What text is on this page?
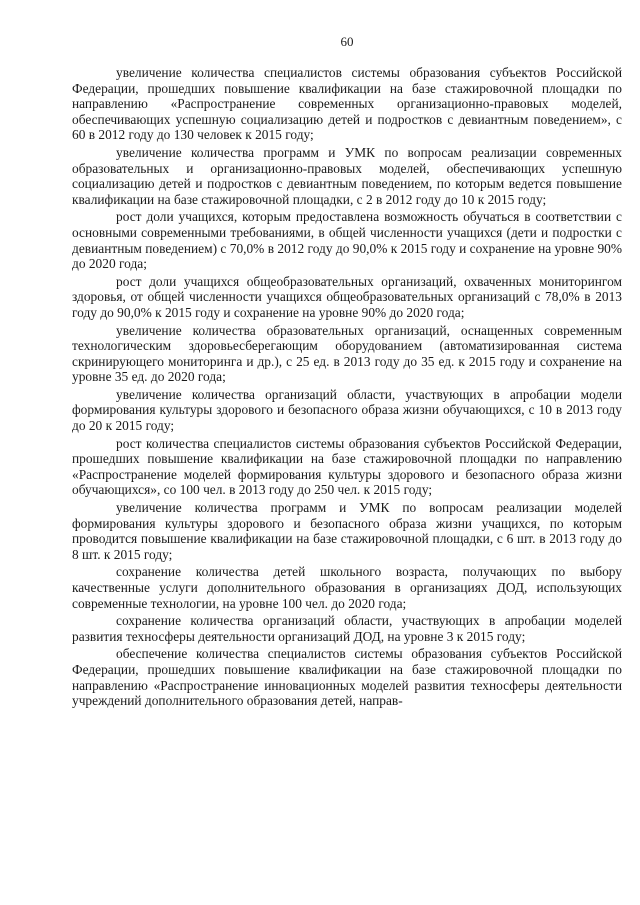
60

увеличение количества специалистов системы образования субъектов Российской Федерации, прошедших повышение квалификации на базе стажировочной площадки по направлению «Распространение современных организационно-правовых моделей, обеспечивающих успешную социализацию детей и подростков с девиантным поведением», с 60 в 2012 году до 130 человек к 2015 году;

увеличение количества программ и УМК по вопросам реализации современных образовательных и организационно-правовых моделей, обеспечивающих успешную социализацию детей и подростков с девиантным поведением, по которым ведется повышение квалификации на базе стажировочной площадки, с 2 в 2012 году до 10 к 2015 году;

рост доли учащихся, которым предоставлена возможность обучаться в соответствии с основными современными требованиями, в общей численности учащихся (дети и подростки с девиантным поведением) с 70,0% в 2012 году до 90,0% к 2015 году и сохранение на уровне 90% до 2020 года;

рост доли учащихся общеобразовательных организаций, охваченных мониторингом здоровья, от общей численности учащихся общеобразовательных организаций с 78,0% в 2013 году до 90,0% к 2015 году и сохранение на уровне 90% до 2020 года;

увеличение количества образовательных организаций, оснащенных современным технологическим здоровьесберегающим оборудованием (автоматизированная система скринирующего мониторинга и др.), с 25 ед. в 2013 году до 35 ед. к 2015 году и сохранение на уровне 35 ед. до 2020 года;

увеличение количества организаций области, участвующих в апробации модели формирования культуры здорового и безопасного образа жизни обучающихся, с 10 в 2013 году до 20 к 2015 году;

рост количества специалистов системы образования субъектов Российской Федерации, прошедших повышение квалификации на базе стажировочной площадки по направлению «Распространение моделей формирования культуры здорового и безопасного образа жизни обучающихся», со 100 чел. в 2013 году до 250 чел. к 2015 году;

увеличение количества программ и УМК по вопросам реализации моделей формирования культуры здорового и безопасного образа жизни учащихся, по которым проводится повышение квалификации на базе стажировочной площадки, с 6 шт. в 2013 году до 8 шт. к 2015 году;

сохранение количества детей школьного возраста, получающих по выбору качественные услуги дополнительного образования в организациях ДОД, использующих современные технологии, на уровне 100 чел. до 2020 года;

сохранение количества организаций области, участвующих в апробации моделей развития техносферы деятельности организаций ДОД, на уровне 3 к 2015 году;

обеспечение количества специалистов системы образования субъектов Российской Федерации, прошедших повышение квалификации на базе стажировочной площадки по направлению «Распространение инновационных моделей развития техносферы деятельности учреждений дополнительного образования детей, направ-
